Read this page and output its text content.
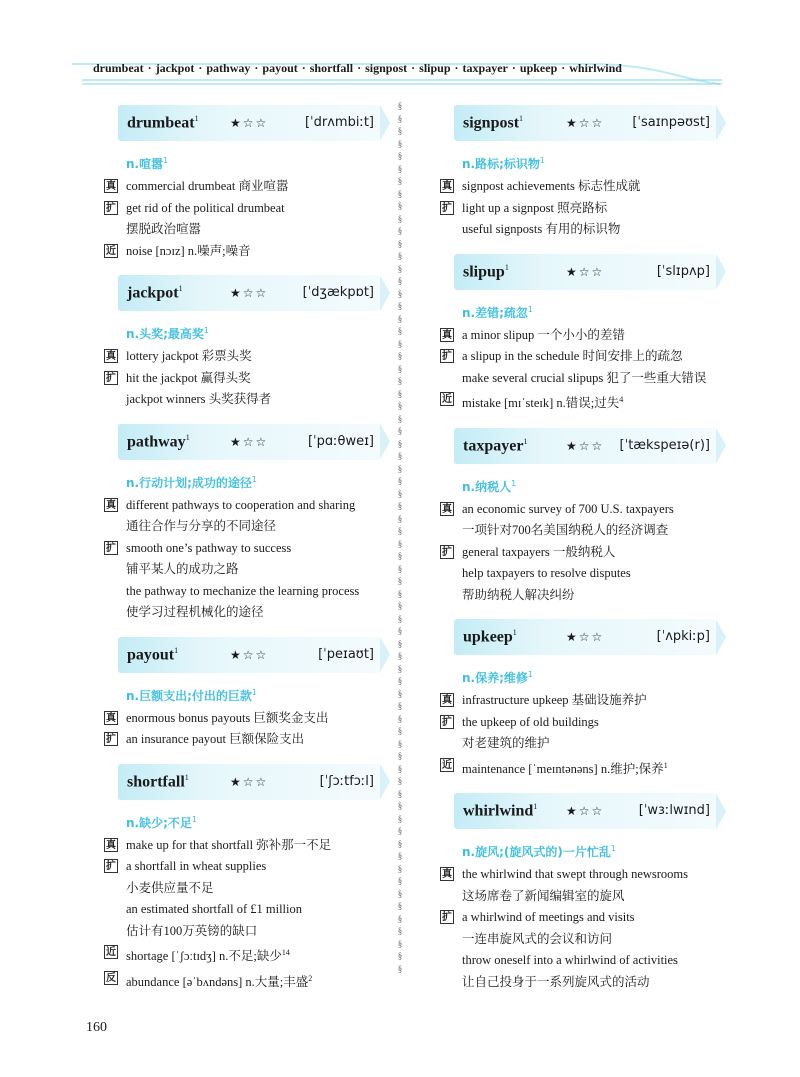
drumbeat · jackpot · pathway · payout · shortfall · signpost · slipup · taxpayer · upkeep · whirlwind
§§§§§§§§§§§§§§§§§§§§§§§§§§§§§§§§§§§§§§§§§§§§§§§§§§§§§§§§§§§§§§§§§§§§§§
drumbeat$^1$	★☆☆	[ˈdrʌmbiːt]
n.喧嚣$^1$
真 commercial drumbeat 商业喧嚣
扩 get rid of the political drumbeat
摆脱政治喧嚣
近 noise [nɔɪz] n.噪声;噪音
jackpot$^1$	★☆☆	[ˈdʒækpɒt]
n.头奖;最高奖$^1$
真 lottery jackpot 彩票头奖
扩 hit the jackpot 赢得头奖
jackpot winners 头奖获得者
pathway$^1$	★☆☆	[ˈpɑːθweɪ]
n.行动计划;成功的途径$^1$
真 different pathways to cooperation and sharing
通往合作与分享的不同途径
扩 smooth one’s pathway to success
铺平某人的成功之路
the pathway to mechanize the learning process
使学习过程机械化的途径
payout$^1$	★☆☆	[ˈpeɪaʊt]
n.巨额支出;付出的巨款$^1$
真 enormous bonus payouts 巨额奖金支出
扩 an insurance payout 巨额保险支出
shortfall$^1$	★☆☆	[ˈʃɔːtfɔːl]
n.缺少;不足$^1$
真 make up for that shortfall 弥补那一不足
扩 a shortfall in wheat supplies
小麦供应量不足
an estimated shortfall of £1 million
估计有100万英镑的缺口
近 shortage [ˈʃɔːtɪdʒ] n.不足;缺少$^{14}$
反 abundance [əˈbʌndəns] n.大量;丰盛$^2$
signpost$^1$	★☆☆ [ˈsaɪnpəʊst]
n.路标;标识物$^1$
真 signpost achievements 标志性成就
扩 light up a signpost 照亮路标
useful signposts 有用的标识物
slipup$^1$	★☆☆	[ˈslɪpʌp]
n.差错;疏忽$^1$
真 a minor slipup 一个小小的差错
扩 a slipup in the schedule 时间安排上的疏忽
make several crucial slipups 犯了一些重大错误
近 mistake [mɪˈsteɪk] n.错误;过失$^4$
taxpayer$^1$	★☆☆ [ˈtækspeɪə(r)]
n.纳税人$^1$
真 an economic survey of 700 U.S. taxpayers
一项针对700名美国纳税人的经济调查
扩 general taxpayers 一般纳税人
help taxpayers to resolve disputes
帮助纳税人解决纠纷
upkeep$^1$	★☆☆	[ˈʌpkiːp]
n.保养;维修$^1$
真 infrastructure upkeep 基础设施养护
扩 the upkeep of old buildings
对老建筑的维护
近 maintenance [ˈmeɪntənəns] n.维护;保养$^1$
whirlwind$^1$ ★☆☆	[ˈwɜːlwɪnd]
n.旋风;(旋风式的)一片忙乱$^1$
真 the whirlwind that swept through newsrooms
这场席卷了新闻编辑室的旋风
扩 a whirlwind of meetings and visits
一连串旋风式的会议和访问
throw oneself into a whirlwind of activities
让自己投身于一系列旋风式的活动
160
